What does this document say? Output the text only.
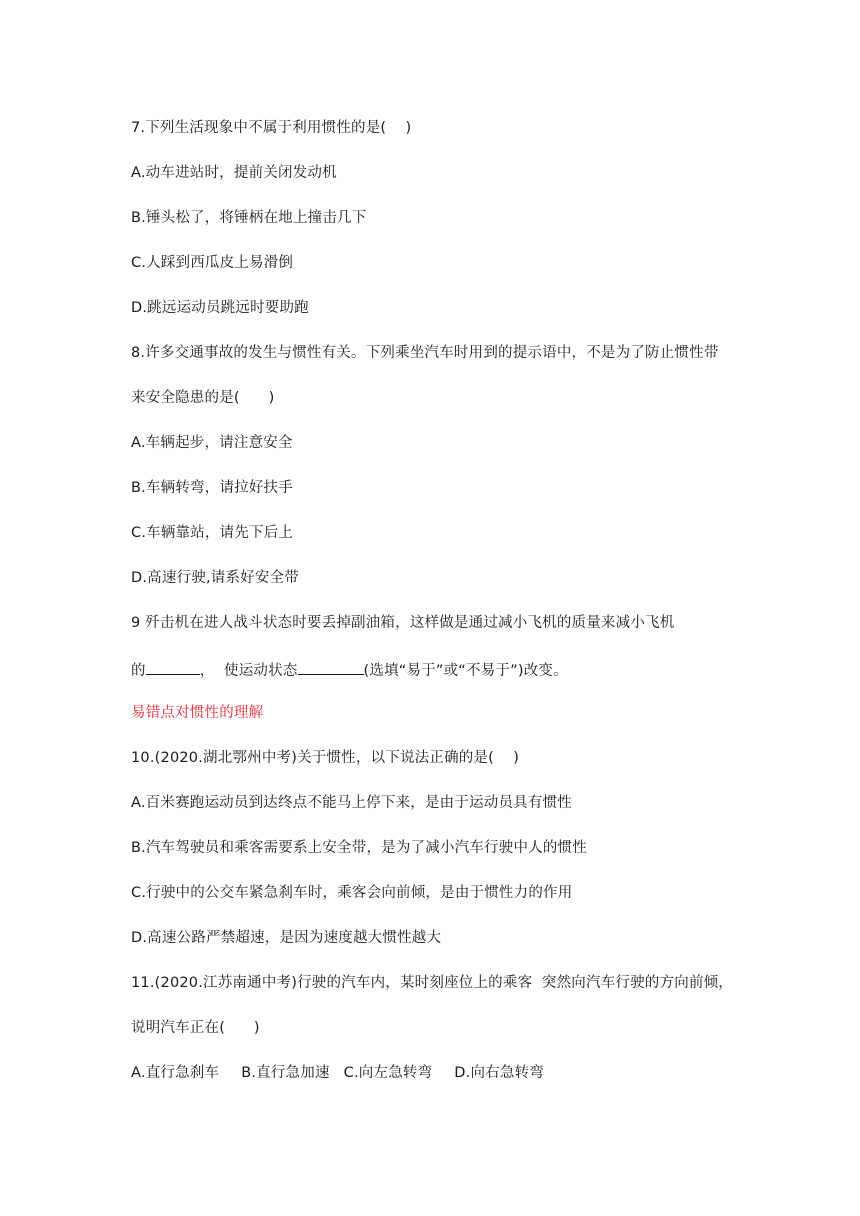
7.下列生活现象中不属于利用惯性的是(    )
A.动车进站时，提前关闭发动机
B.锤头松了，将锤柄在地上撞击几下
C.人踩到西瓜皮上易滑倒
D.跳远运动员跳远时要助跑
8.许多交通事故的发生与惯性有关。下列乘坐汽车时用到的提示语中，不是为了防止惯性带
来安全隐患的是(      )
A.车辆起步，请注意安全
B.车辆转弯，请拉好扶手
C.车辆靠站，请先下后上
D.高速行驶,请系好安全带
9 歼击机在进人战斗状态时要丢掉副油箱，这样做是通过减小飞机的质量来减小飞机
的	，  使运动状态	(选填“易于”或“不易于”)改变。
易错点对惯性的理解
10.(2020.湖北鄂州中考)关于惯性，以下说法正确的是(    )
A.百米赛跑运动员到达终点不能马上停下来，是由于运动员具有惯性
B.汽车驾驶员和乘客需要系上安全带，是为了减小汽车行驶中人的惯性
C.行驶中的公交车紧急刹车时，乘客会向前倾，是由于惯性力的作用
D.高速公路严禁超速，是因为速度越大惯性越大
11.(2020.江苏南通中考)行驶的汽车内，某时刻座位上的乘客  突然向汽车行驶的方向前倾，
说明汽车正在(      )
A.直行急刹车 B.直行急加速 C.向左急转弯 D.向右急转弯
